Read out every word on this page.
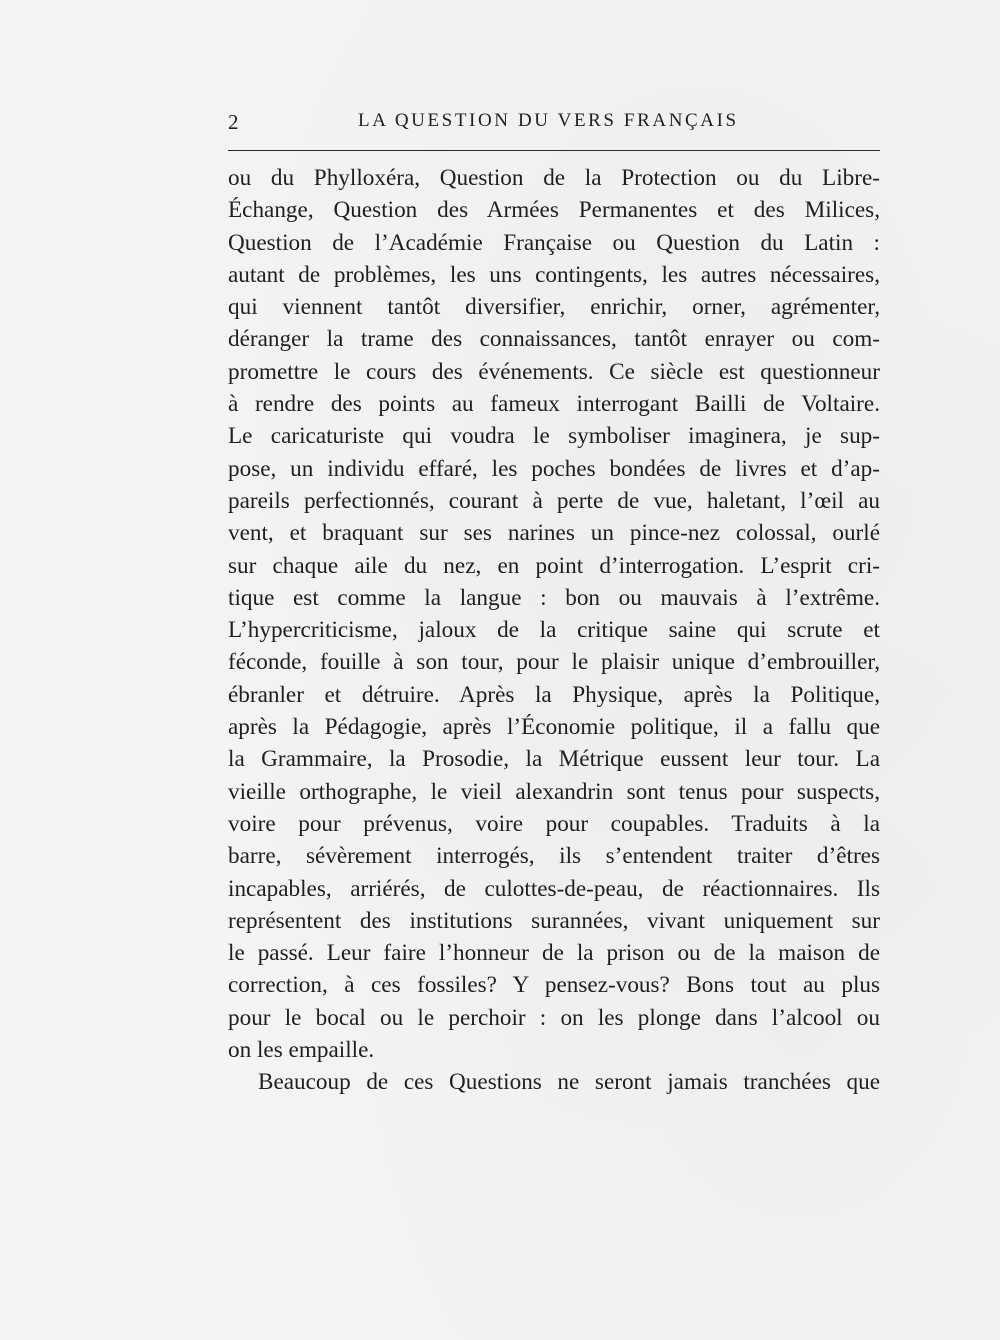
2	LA QUESTION DU VERS FRANÇAIS
ou du Phylloxéra, Question de la Protection ou du Libre-
Échange, Question des Armées Permanentes et des Milices,
Question de l’Académie Française ou Question du Latin :
autant de problèmes, les uns contingents, les autres nécessaires,
qui viennent tantôt diversifier, enrichir, orner, agrémenter,
déranger la trame des connaissances, tantôt enrayer ou com-
promettre le cours des événements. Ce siècle est questionneur
à rendre des points au fameux interrogant Bailli de Voltaire.
Le caricaturiste qui voudra le symboliser imaginera, je sup-
pose, un individu effaré, les poches bondées de livres et d’ap-
pareils perfectionnés, courant à perte de vue, haletant, l’œil au
vent, et braquant sur ses narines un pince-nez colossal, ourlé
sur chaque aile du nez, en point d’interrogation. L’esprit cri-
tique est comme la langue : bon ou mauvais à l’extrême.
L’hypercriticisme, jaloux de la critique saine qui scrute et
féconde, fouille à son tour, pour le plaisir unique d’embrouiller,
ébranler et détruire. Après la Physique, après la Politique,
après la Pédagogie, après l’Économie politique, il a fallu que
la Grammaire, la Prosodie, la Métrique eussent leur tour. La
vieille orthographe, le vieil alexandrin sont tenus pour suspects,
voire pour prévenus, voire pour coupables. Traduits à la
barre, sévèrement interrogés, ils s’entendent traiter d’êtres
incapables, arriérés, de culottes-de-peau, de réactionnaires. Ils
représentent des institutions surannées, vivant uniquement sur
le passé. Leur faire l’honneur de la prison ou de la maison de
correction, à ces fossiles? Y pensez-vous? Bons tout au plus
pour le bocal ou le perchoir : on les plonge dans l’alcool ou
on les empaille.
Beaucoup de ces Questions ne seront jamais tranchées que
